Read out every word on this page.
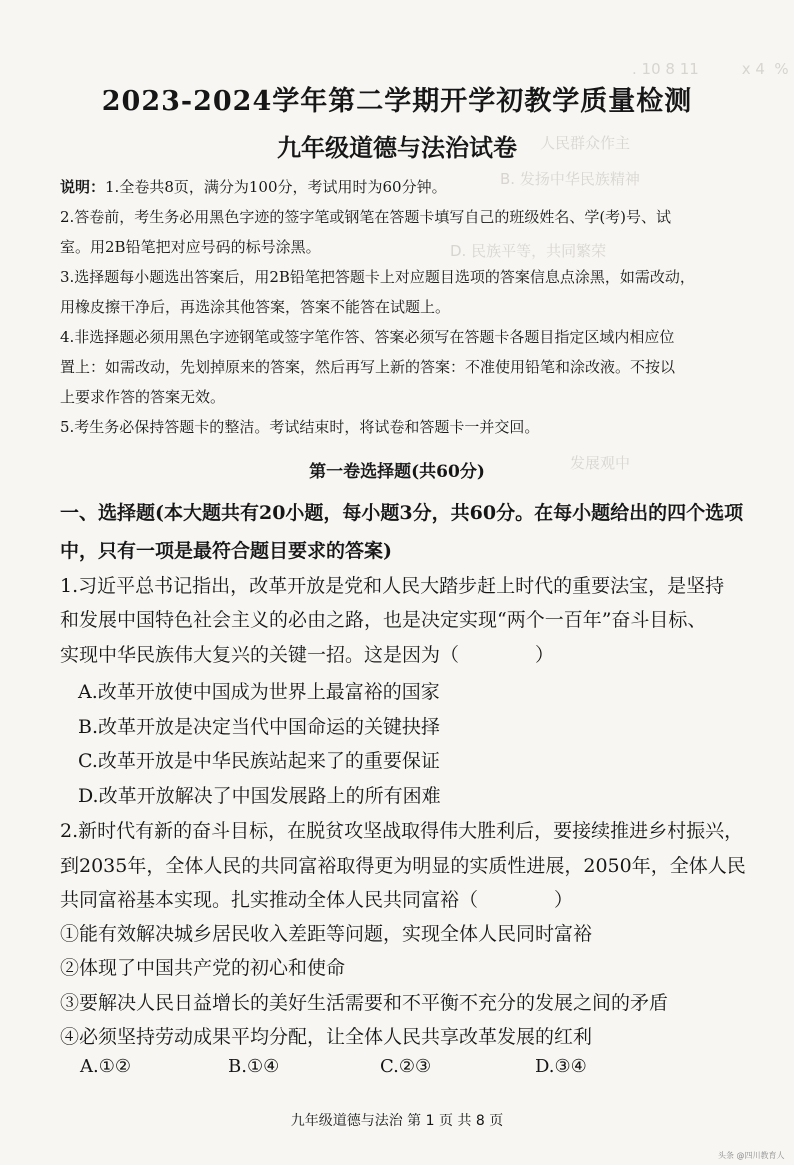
. 10 8 11         x 4  %
人民群众作主
B. 发扬中华民族精神
D. 民族平等，共同繁荣
发展观中
2023-2024学年第二学期开学初教学质量检测
九年级道德与法治试卷
说明：1.全卷共8页，满分为100分，考试用时为60分钟。
2.答卷前，考生务必用黑色字迹的签字笔或钢笔在答题卡填写自己的班级姓名、学(考)号、试
室。用2B铅笔把对应号码的标号涂黑。
3.选择题每小题选出答案后，用2B铅笔把答题卡上对应题目选项的答案信息点涂黑，如需改动，
用橡皮擦干净后，再选涂其他答案，答案不能答在试题上。
4.非选择题必须用黑色字迹钢笔或签字笔作答、答案必须写在答题卡各题目指定区域内相应位
置上：如需改动，先划掉原来的答案，然后再写上新的答案：不准使用铅笔和涂改液。不按以
上要求作答的答案无效。
5.考生务必保持答题卡的整洁。考试结束时，将试卷和答题卡一并交回。
第一卷选择题(共60分)
一、选择题(本大题共有20小题，每小题3分，共60分。在每小题给出的四个选项
中，只有一项是最符合题目要求的答案)
1.习近平总书记指出，改革开放是党和人民大踏步赶上时代的重要法宝，是坚持
和发展中国特色社会主义的必由之路，也是决定实现“两个一百年”奋斗目标、
实现中华民族伟大复兴的关键一招。这是因为（　　　　）
A.改革开放使中国成为世界上最富裕的国家
B.改革开放是决定当代中国命运的关键抉择
C.改革开放是中华民族站起来了的重要保证
D.改革开放解决了中国发展路上的所有困难
2.新时代有新的奋斗目标，在脱贫攻坚战取得伟大胜利后，要接续推进乡村振兴，
到2035年，全体人民的共同富裕取得更为明显的实质性进展，2050年，全体人民
共同富裕基本实现。扎实推动全体人民共同富裕（　　　　）
①能有效解决城乡居民收入差距等问题，实现全体人民同时富裕
②体现了中国共产党的初心和使命
③要解决人民日益增长的美好生活需要和不平衡不充分的发展之间的矛盾
④必须坚持劳动成果平均分配，让全体人民共享改革发展的红利
A.①②	B.①④	C.②③	D.③④
九年级道德与法治 第 1 页 共 8 页
头条 @四川教育人
